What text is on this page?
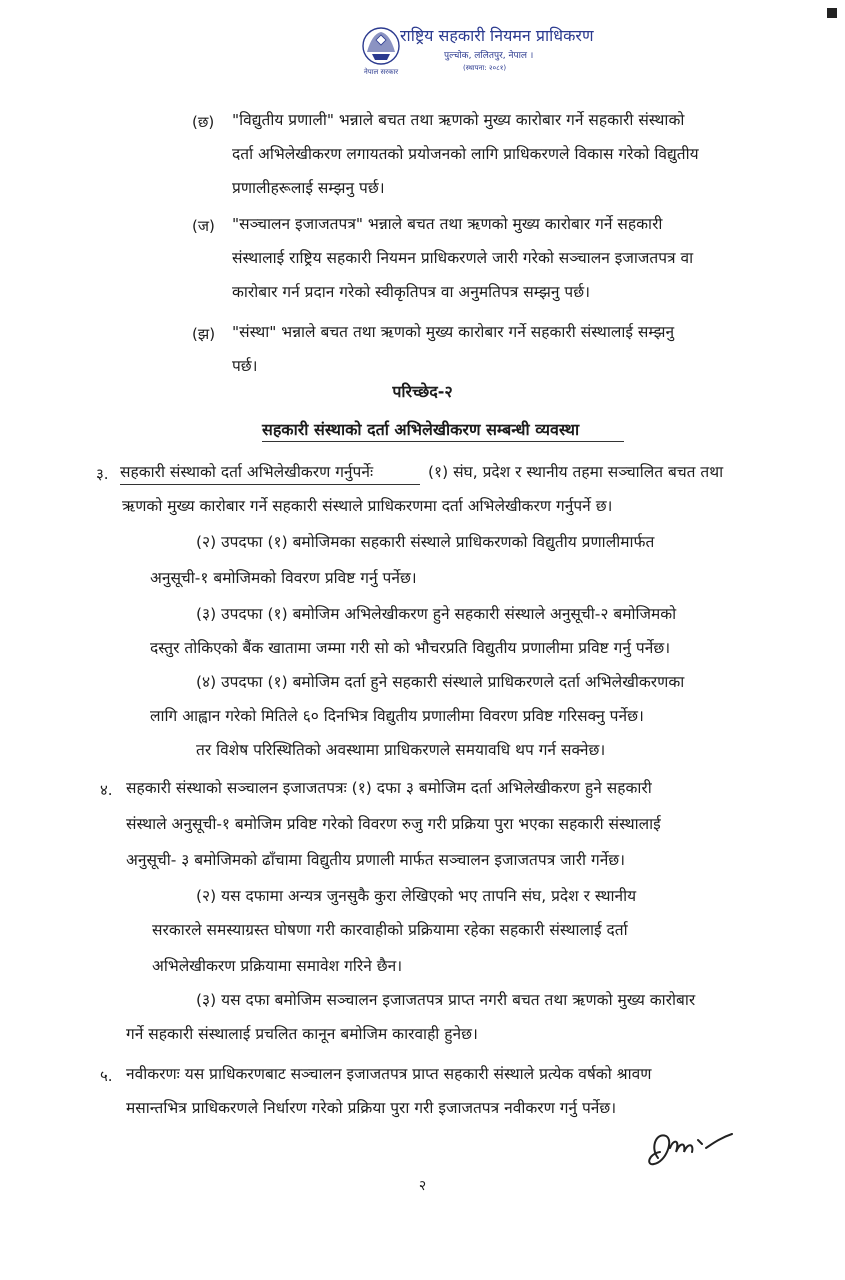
नेपाल सरकार
राष्ट्रिय सहकारी नियमन प्राधिकरण
पुल्चोक, ललितपुर, नेपाल ।
(स्थापना: २०८१)
(छ) "विद्युतीय प्रणाली" भन्नाले बचत तथा ऋणको मुख्य कारोबार गर्ने सहकारी संस्थाको
दर्ता अभिलेखीकरण लगायतको प्रयोजनको लागि प्राधिकरणले विकास गरेको विद्युतीय
प्रणालीहरूलाई सम्झनु पर्छ।
(ज) "सञ्चालन इजाजतपत्र" भन्नाले बचत तथा ऋणको मुख्य कारोबार गर्ने सहकारी
संस्थालाई राष्ट्रिय सहकारी नियमन प्राधिकरणले जारी गरेको सञ्चालन इजाजतपत्र वा
कारोबार गर्न प्रदान गरेको स्वीकृतिपत्र वा अनुमतिपत्र सम्झनु पर्छ।
(झ) "संस्था" भन्नाले बचत तथा ऋणको मुख्य कारोबार गर्ने सहकारी संस्थालाई सम्झनु
पर्छ।
परिच्छेद-२
सहकारी संस्थाको दर्ता अभिलेखीकरण सम्बन्धी व्यवस्था
३. सहकारी संस्थाको दर्ता अभिलेखीकरण गर्नुपर्नेः	(१) संघ, प्रदेश र स्थानीय तहमा सञ्चालित बचत तथा
ऋणको मुख्य कारोबार गर्ने सहकारी संस्थाले प्राधिकरणमा दर्ता अभिलेखीकरण गर्नुपर्ने छ।
(२) उपदफा (१) बमोजिमका सहकारी संस्थाले प्राधिकरणको विद्युतीय प्रणालीमार्फत
अनुसूची-१ बमोजिमको विवरण प्रविष्ट गर्नु पर्नेछ।
(३) उपदफा (१) बमोजिम अभिलेखीकरण हुने सहकारी संस्थाले अनुसूची-२ बमोजिमको
दस्तुर तोकिएको बैंक खातामा जम्मा गरी सो को भौचरप्रति विद्युतीय प्रणालीमा प्रविष्ट गर्नु पर्नेछ।
(४) उपदफा (१) बमोजिम दर्ता हुने सहकारी संस्थाले प्राधिकरणले दर्ता अभिलेखीकरणका
लागि आह्वान गरेको मितिले ६० दिनभित्र विद्युतीय प्रणालीमा विवरण प्रविष्ट गरिसक्नु पर्नेछ।
तर विशेष परिस्थितिको अवस्थामा प्राधिकरणले समयावधि थप गर्न सक्नेछ।
४. सहकारी संस्थाको सञ्चालन इजाजतपत्रः (१) दफा ३ बमोजिम दर्ता अभिलेखीकरण हुने सहकारी
संस्थाले अनुसूची-१ बमोजिम प्रविष्ट गरेको विवरण रुजु गरी प्रक्रिया पुरा भएका सहकारी संस्थालाई
अनुसूची- ३ बमोजिमको ढाँचामा विद्युतीय प्रणाली मार्फत सञ्चालन इजाजतपत्र जारी गर्नेछ।
(२) यस दफामा अन्यत्र जुनसुकै कुरा लेखिएको भए तापनि संघ, प्रदेश र स्थानीय
सरकारले समस्याग्रस्त घोषणा गरी कारवाहीको प्रक्रियामा रहेका सहकारी संस्थालाई दर्ता
अभिलेखीकरण प्रक्रियामा समावेश गरिने छैन।
(३) यस दफा बमोजिम सञ्चालन इजाजतपत्र प्राप्त नगरी बचत तथा ऋणको मुख्य कारोबार
गर्ने सहकारी संस्थालाई प्रचलित कानून बमोजिम कारवाही हुनेछ।
५. नवीकरणः यस प्राधिकरणबाट सञ्चालन इजाजतपत्र प्राप्त सहकारी संस्थाले प्रत्येक वर्षको श्रावण
मसान्तभित्र प्राधिकरणले निर्धारण गरेको प्रक्रिया पुरा गरी इजाजतपत्र नवीकरण गर्नु पर्नेछ।
२
